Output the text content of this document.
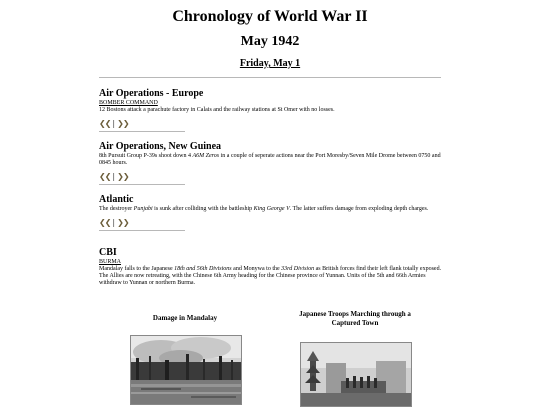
Chronology of World War II
May 1942
Friday, May 1
Air Operations - Europe
BOMBER COMMAND

12 Bostons attack a parachute factory in Calais and the railway stations at St Omer with no losses.

❮❮ | ❯❯
Air Operations, New Guinea

8th Pursuit Group P-39s shoot down 4 A6M Zeros in a couple of seperate actions near the Port Moresby/Seven Mile Drome between 0750 and 0845 hours.

❮❮ | ❯❯
Atlantic

The destroyer Punjabi is sunk after colliding with the battleship King George V. The latter suffers damage from exploding depth charges.

❮❮ | ❯❯
CBI
BURMA

Mandalay falls to the Japanese 18th and 56th Divisions and Monywa to the 33rd Division as British forces find their left flank totally exposed. The Allies are now retreating, with the Chinese 6th Army heading for the Chinese province of Yunnan. Units of the 5th and 66th Armies withdraw to Yunnan or northern Burma.

Damage in Mandalay	Japanese Troops Marching through a
Captured Town
